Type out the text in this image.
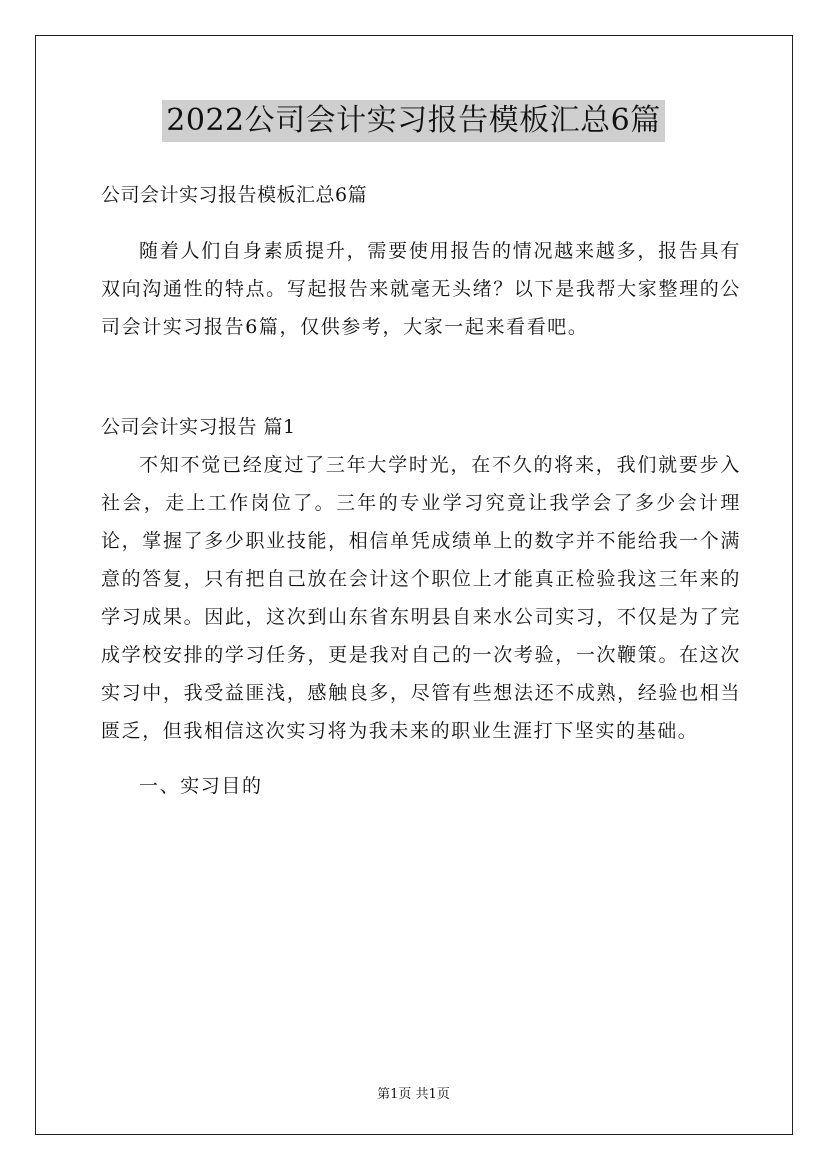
2022公司会计实习报告模板汇总6篇

公司会计实习报告模板汇总6篇

随着人们自身素质提升，需要使用报告的情况越来越多，报告具有双向沟通性的特点。写起报告来就毫无头绪？以下是我帮大家整理的公司会计实习报告6篇，仅供参考，大家一起来看看吧。

公司会计实习报告 篇1

不知不觉已经度过了三年大学时光，在不久的将来，我们就要步入社会，走上工作岗位了。三年的专业学习究竟让我学会了多少会计理论，掌握了多少职业技能，相信单凭成绩单上的数字并不能给我一个满意的答复，只有把自己放在会计这个职位上才能真正检验我这三年来的学习成果。因此，这次到山东省东明县自来水公司实习，不仅是为了完成学校安排的学习任务，更是我对自己的一次考验，一次鞭策。在这次实习中，我受益匪浅，感触良多，尽管有些想法还不成熟，经验也相当匮乏，但我相信这次实习将为我未来的职业生涯打下坚实的基础。

一、实习目的

第1页 共1页
